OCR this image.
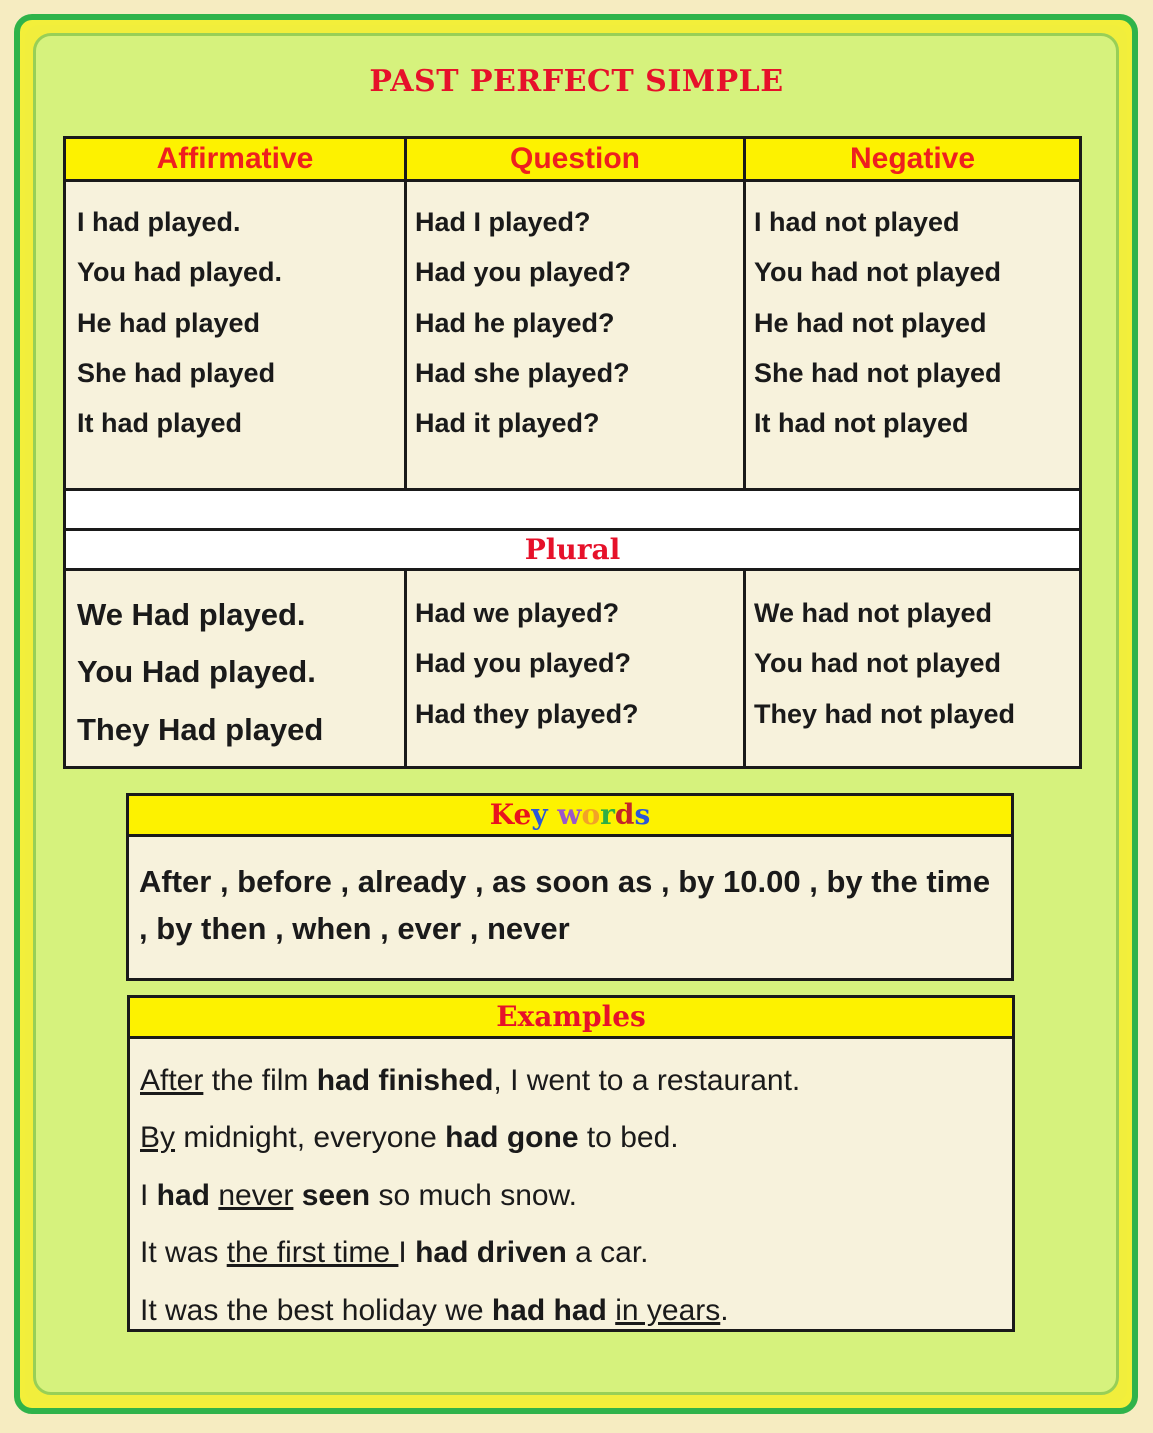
PAST PERFECT SIMPLE
Affirmative	Question	Negative
I had played.
You had played.
He had played
She had played
It had played
Had I played?
Had you played?
Had he played?
Had she played?
Had it played?
I had not played
You had not played
He had not played
She had not played
It had not played
Plural
We Had played.
You Had played.
They Had played
Had we played?
Had you played?
Had they played?
We had not played
You had not played
They had not played
Key words
After , before , already , as soon as , by 10.00 , by the time , by then , when , ever , never
Examples
After the film had finished, I went to a restaurant.
By midnight, everyone had gone to bed.
I had never seen so much snow.
It was the first time I had driven a car.
It was the best holiday we had had in years.
